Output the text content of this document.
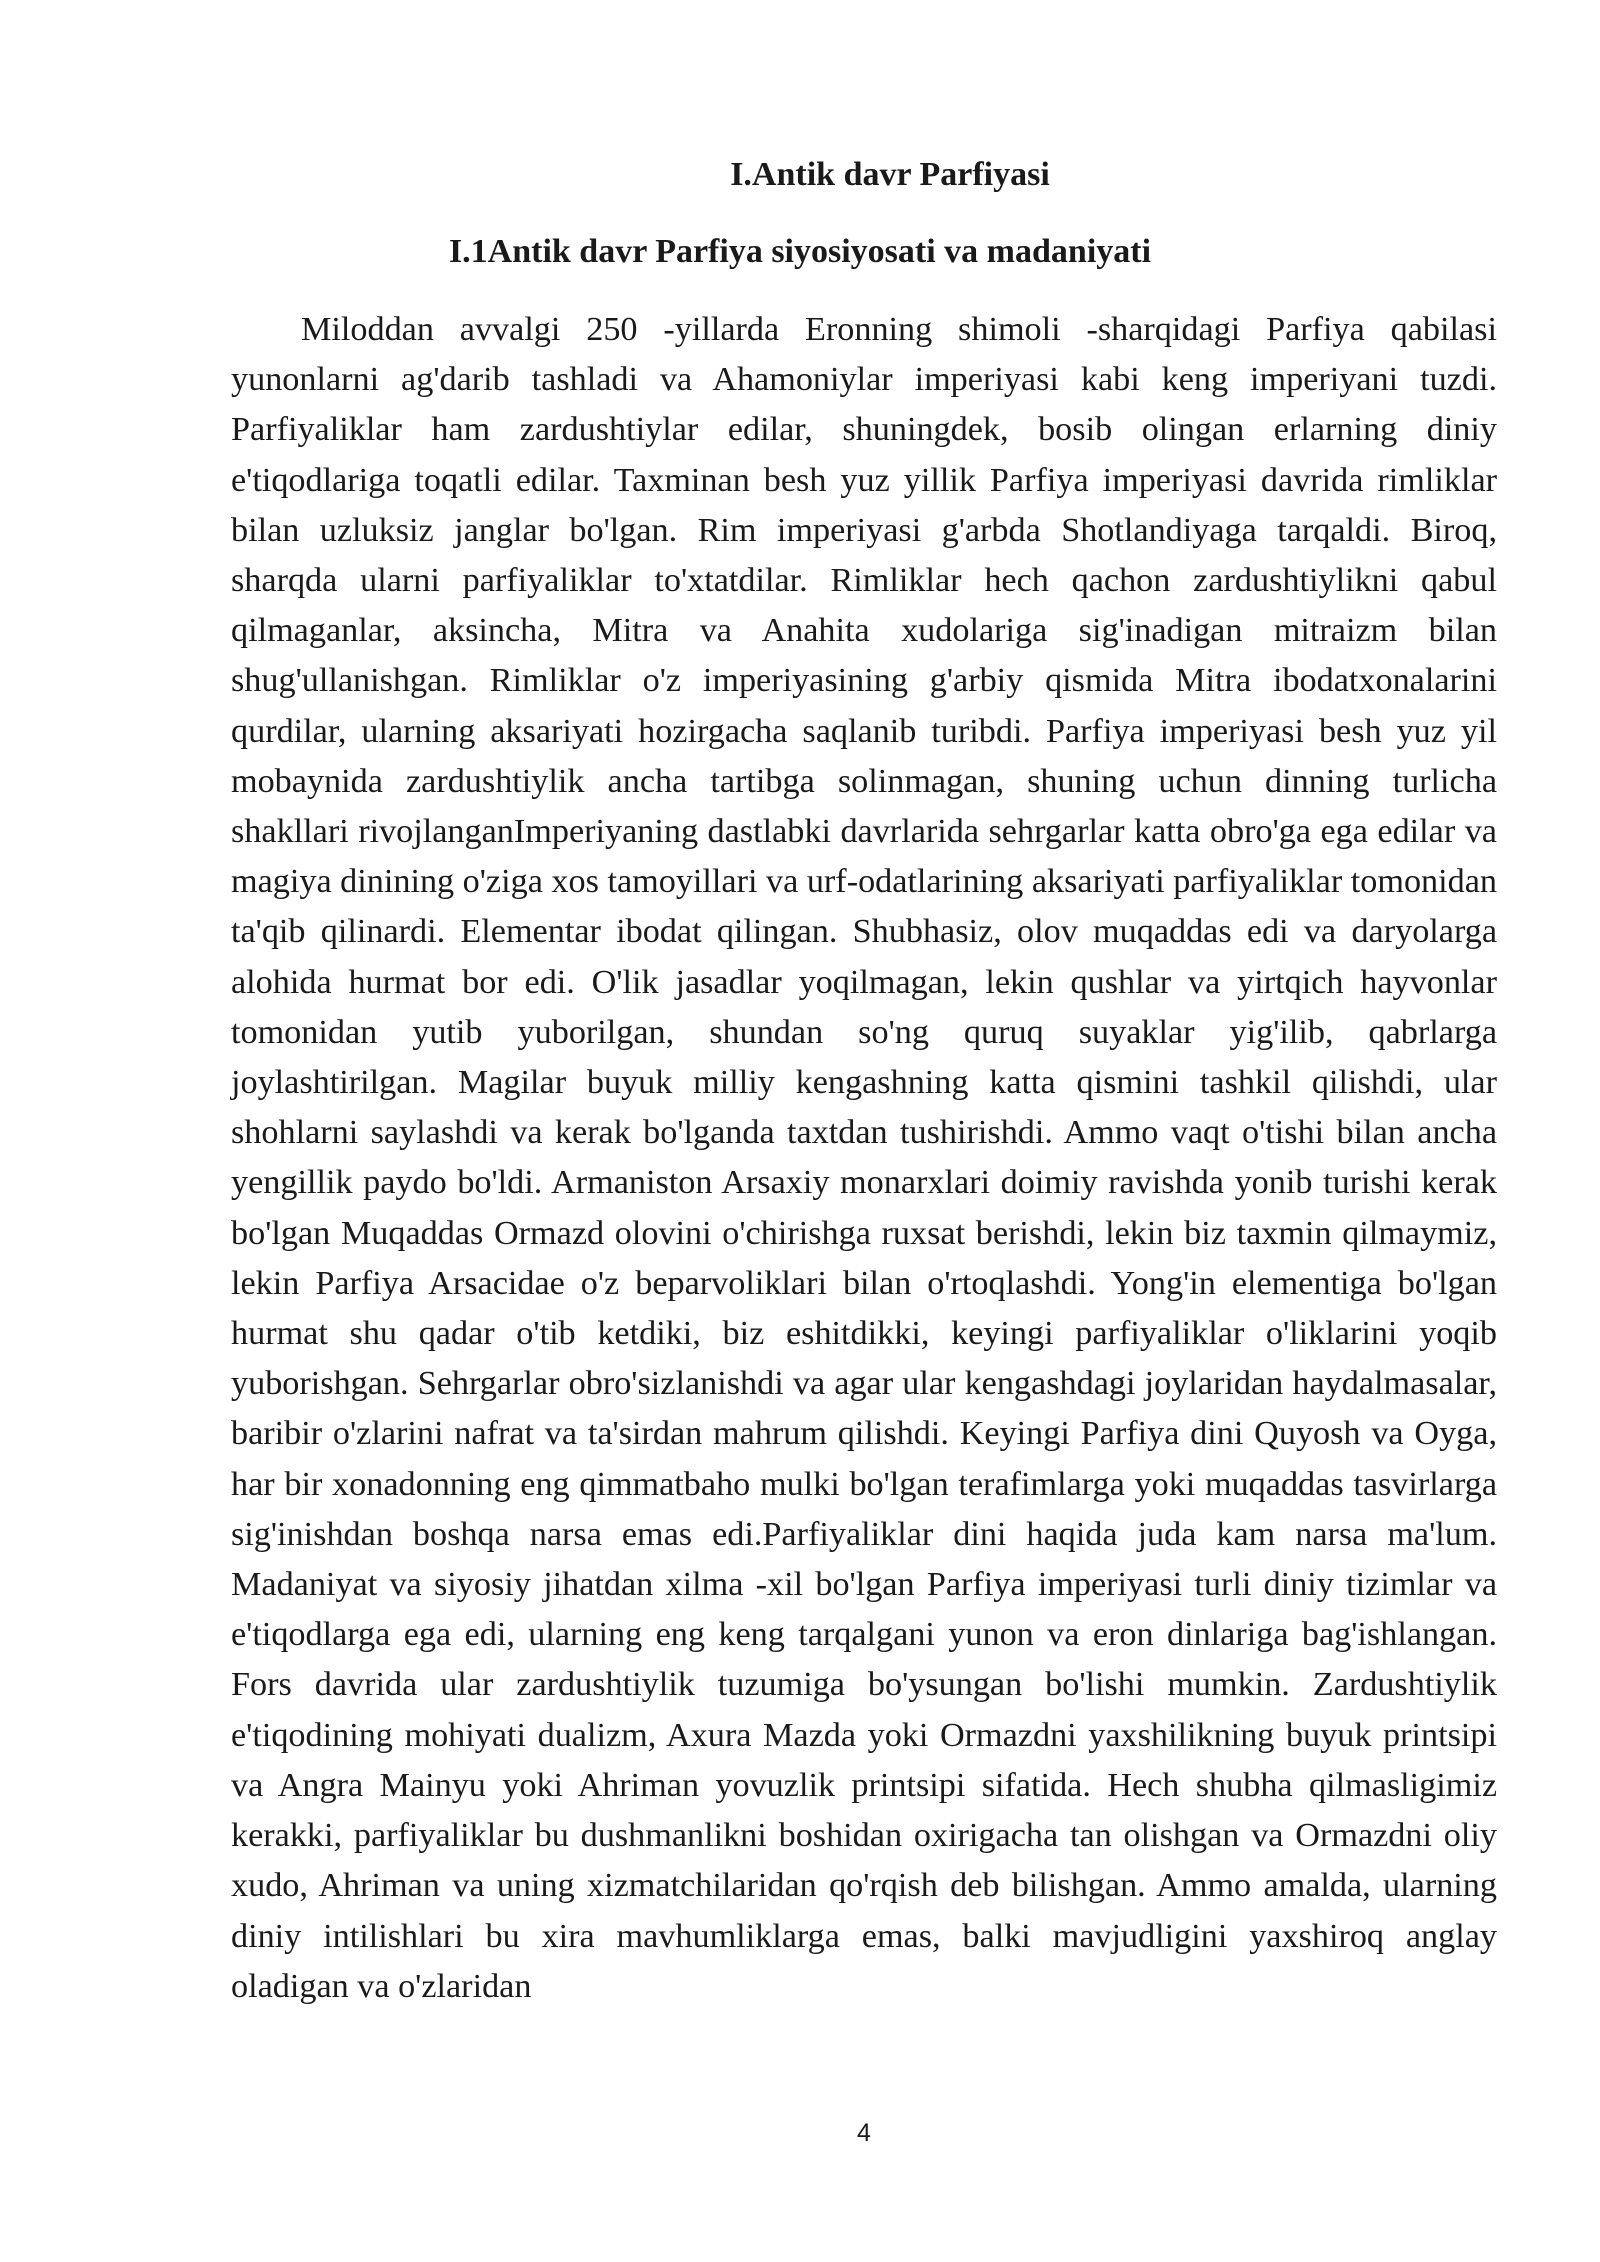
I.Antik davr Parfiyasi
I.1Antik davr Parfiya siyosiyosati va madaniyati

Miloddan avvalgi 250 -yillarda Eronning shimoli -sharqidagi Parfiya qabilasi yunonlarni ag'darib tashladi va Ahamoniylar imperiyasi kabi keng imperiyani tuzdi. Parfiyaliklar ham zardushtiylar edilar, shuningdek, bosib olingan erlarning diniy e'tiqodlariga toqatli edilar. Taxminan besh yuz yillik Parfiya imperiyasi davrida rimliklar bilan uzluksiz janglar bo'lgan. Rim imperiyasi g'arbda Shotlandiyaga tarqaldi. Biroq, sharqda ularni parfiyaliklar to'xtatdilar. Rimliklar hech qachon zardushtiylikni qabul qilmaganlar, aksincha, Mitra va Anahita xudolariga sig'inadigan mitraizm bilan shug'ullanishgan. Rimliklar o'z imperiyasining g'arbiy qismida Mitra ibodatxonalarini qurdilar, ularning aksariyati hozirgacha saqlanib turibdi. Parfiya imperiyasi besh yuz yil mobaynida zardushtiylik ancha tartibga solinmagan, shuning uchun dinning turlicha shakllari rivojlanganImperiyaning dastlabki davrlarida sehrgarlar katta obro'ga ega edilar va magiya dinining o'ziga xos tamoyillari va urf-odatlarining aksariyati parfiyaliklar tomonidan ta'qib qilinardi. Elementar ibodat qilingan. Shubhasiz, olov muqaddas edi va daryolarga alohida hurmat bor edi. O'lik jasadlar yoqilmagan, lekin qushlar va yirtqich hayvonlar tomonidan yutib yuborilgan, shundan so'ng quruq suyaklar yig'ilib, qabrlarga joylashtirilgan. Magilar buyuk milliy kengashning katta qismini tashkil qilishdi, ular shohlarni saylashdi va kerak bo'lganda taxtdan tushirishdi. Ammo vaqt o'tishi bilan ancha yengillik paydo bo'ldi. Armaniston Arsaxiy monarxlari doimiy ravishda yonib turishi kerak bo'lgan Muqaddas Ormazd olovini o'chirishga ruxsat berishdi, lekin biz taxmin qilmaymiz, lekin Parfiya Arsacidae o'z beparvoliklari bilan o'rtoqlashdi. Yong'in elementiga bo'lgan hurmat shu qadar o'tib ketdiki, biz eshitdikki, keyingi parfiyaliklar o'liklarini yoqib yuborishgan. Sehrgarlar obro'sizlanishdi va agar ular kengashdagi joylaridan haydalmasalar, baribir o'zlarini nafrat va ta'sirdan mahrum qilishdi. Keyingi Parfiya dini Quyosh va Oyga, har bir xonadonning eng qimmatbaho mulki bo'lgan terafimlarga yoki muqaddas tasvirlarga sig'inishdan boshqa narsa emas edi.Parfiyaliklar dini haqida juda kam narsa ma'lum. Madaniyat va siyosiy jihatdan xilma -xil bo'lgan Parfiya imperiyasi turli diniy tizimlar va e'tiqodlarga ega edi, ularning eng keng tarqalgani yunon va eron dinlariga bag'ishlangan. Fors davrida ular zardushtiylik tuzumiga bo'ysungan bo'lishi mumkin. Zardushtiylik e'tiqodining mohiyati dualizm, Axura Mazda yoki Ormazdni yaxshilikning buyuk printsipi va Angra Mainyu yoki Ahriman yovuzlik printsipi sifatida. Hech shubha qilmasligimiz kerakki, parfiyaliklar bu dushmanlikni boshidan oxirigacha tan olishgan va Ormazdni oliy xudo, Ahriman va uning xizmatchilaridan qo'rqish deb bilishgan. Ammo amalda, ularning diniy intilishlari bu xira mavhumliklarga emas, balki mavjudligini yaxshiroq anglay oladigan va o'zlaridan

4
